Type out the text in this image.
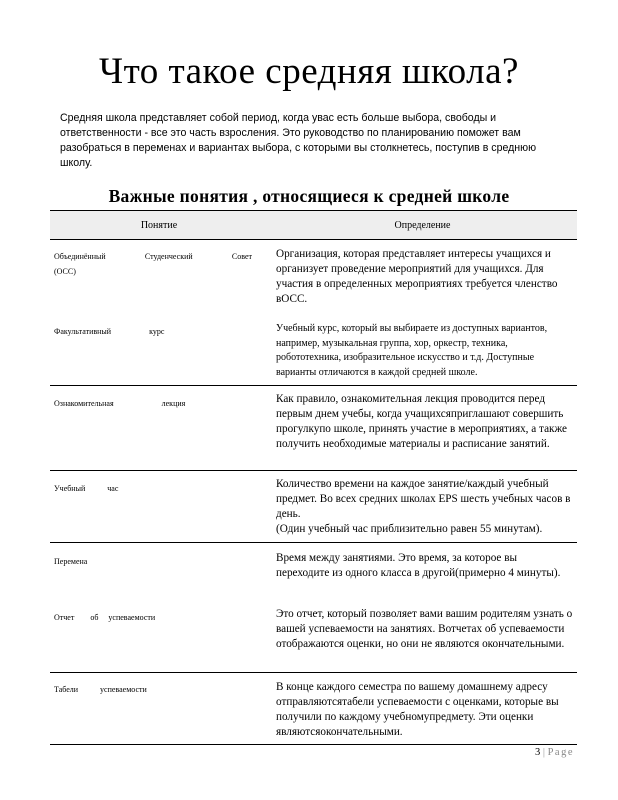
Что такое средняя школа?
Средняя школа представляет собой период, когда увас есть больше выбора, свободы и ответственности - все это часть взросления. Это руководство по планированию поможет вам разобраться в переменах и вариантах выбора, с которыми вы столкнетесь, поступив в среднюю школу.
Важные понятия , относящиеся к средней школе
Понятие	Определение

Объединённый Студенческий Совет
(ОСС)	Организация, которая представляет интересы учащихся и организует проведение мероприятий для учащихся. Для участия в определенных мероприятиях требуется членство вОСС.

Факультативный курс	Учебный курс, который вы выбираете из доступных вариантов, например, музыкальная группа, хор, оркестр, техника, робототехника, изобразительное искусство и т.д. Доступные варианты отличаются в каждой средней школе.
Ознакомительная лекция	Как правило, ознакомительная лекция проводится перед первым днем учебы, когда учащихсяприглашают совершить прогулкупо школе, принять участие в мероприятиях, а также получить необходимые материалы и расписание занятий.
Учебный час	Количество времени на каждое занятие/каждый учебный предмет. Во всех средних школах EPS шесть учебных часов в день.
(Один учебный час приблизительно равен 55 минутам).
Перемена	Время между занятиями. Это время, за которое вы переходите из одного класса в другой(примерно 4 минуты).
Отчет об успеваемости	Это отчет, который позволяет вами вашим родителям узнать о вашей успеваемости на занятиях. Вотчетах об успеваемости отображаются оценки, но они не являются окончательными.
Табели успеваемости	В конце каждого семестра по вашему домашнему адресу отправляютсятабели успеваемости с оценками, которые вы получили по каждому учебномупредмету. Эти оценки являютсяокончательными.
3 | Page
